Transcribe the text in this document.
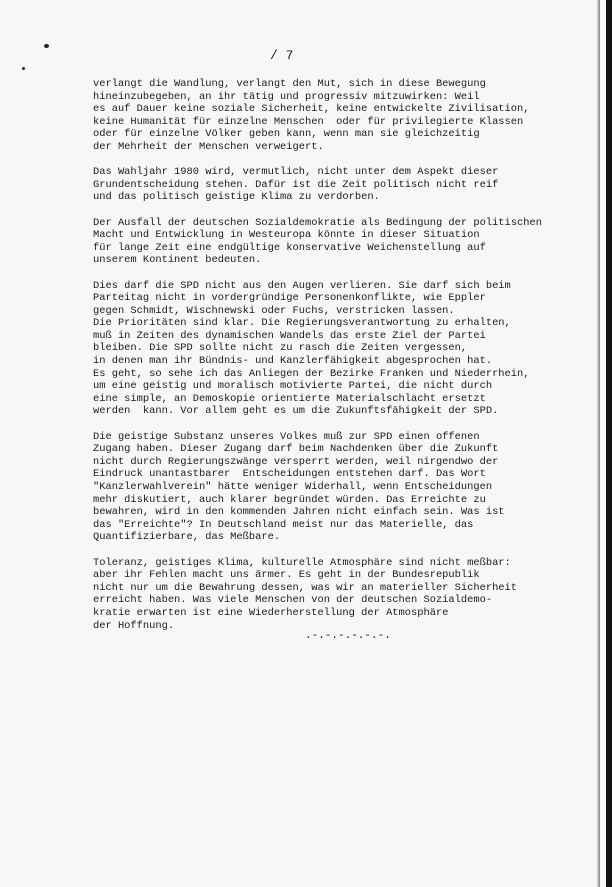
/ 7
verlangt die Wandlung, verlangt den Mut, sich in diese Bewegung
hineinzubegeben, an ihr tätig und progressiv mitzuwirken: Weil
es auf Dauer keine soziale Sicherheit, keine entwickelte Zivilisation,
keine Humanität für einzelne Menschen  oder für privilegierte Klassen
oder für einzelne Völker geben kann, wenn man sie gleichzeitig
der Mehrheit der Menschen verweigert.
Das Wahljahr 1980 wird, vermutlich, nicht unter dem Aspekt dieser
Grundentscheidung stehen. Dafür ist die Zeit politisch nicht reif
und das politisch geistige Klima zu verdorben.
Der Ausfall der deutschen Sozialdemokratie als Bedingung der politischen
Macht und Entwicklung in Westeuropa könnte in dieser Situation
für lange Zeit eine endgültige konservative Weichenstellung auf
unserem Kontinent bedeuten.
Dies darf die SPD nicht aus den Augen verlieren. Sie darf sich beim
Parteitag nicht in vordergründige Personenkonflikte, wie Eppler
gegen Schmidt, Wischnewski oder Fuchs, verstricken lassen.
Die Prioritäten sind klar. Die Regierungsverantwortung zu erhalten,
muß in Zeiten des dynamischen Wandels das erste Ziel der Partei
bleiben. Die SPD sollte nicht zu rasch die Zeiten vergessen,
in denen man ihr Bündnis- und Kanzlerfähigkeit abgesprochen hat.
Es geht, so sehe ich das Anliegen der Bezirke Franken und Niederrhein,
um eine geistig und moralisch motivierte Partei, die nicht durch
eine simple, an Demoskopie orientierte Materialschlacht ersetzt
werden  kann. Vor allem geht es um die Zukunftsfähigkeit der SPD.
Die geistige Substanz unseres Volkes muß zur SPD einen offenen
Zugang haben. Dieser Zugang darf beim Nachdenken über die Zukunft
nicht durch Regierungszwänge versperrt werden, weil nirgendwo der
Eindruck unantastbarer  Entscheidungen entstehen darf. Das Wort
"Kanzlerwahlverein" hätte weniger Widerhall, wenn Entscheidungen
mehr diskutiert, auch klarer begründet würden. Das Erreichte zu
bewahren, wird in den kommenden Jahren nicht einfach sein. Was ist
das "Erreichte"? In Deutschland meist nur das Materielle, das
Quantifizierbare, das Meßbare.
Toleranz, geistiges Klima, kulturelle Atmosphäre sind nicht meßbar:
aber ihr Fehlen macht uns ärmer. Es geht in der Bundesrepublik
nicht nur um die Bewahrung dessen, was wir an materieller Sicherheit
erreicht haben. Was viele Menschen von der deutschen Sozialdemo-
kratie erwarten ist eine Wiederherstellung der Atmosphäre
der Hoffnung.
.-.-.-.-.-.-.
